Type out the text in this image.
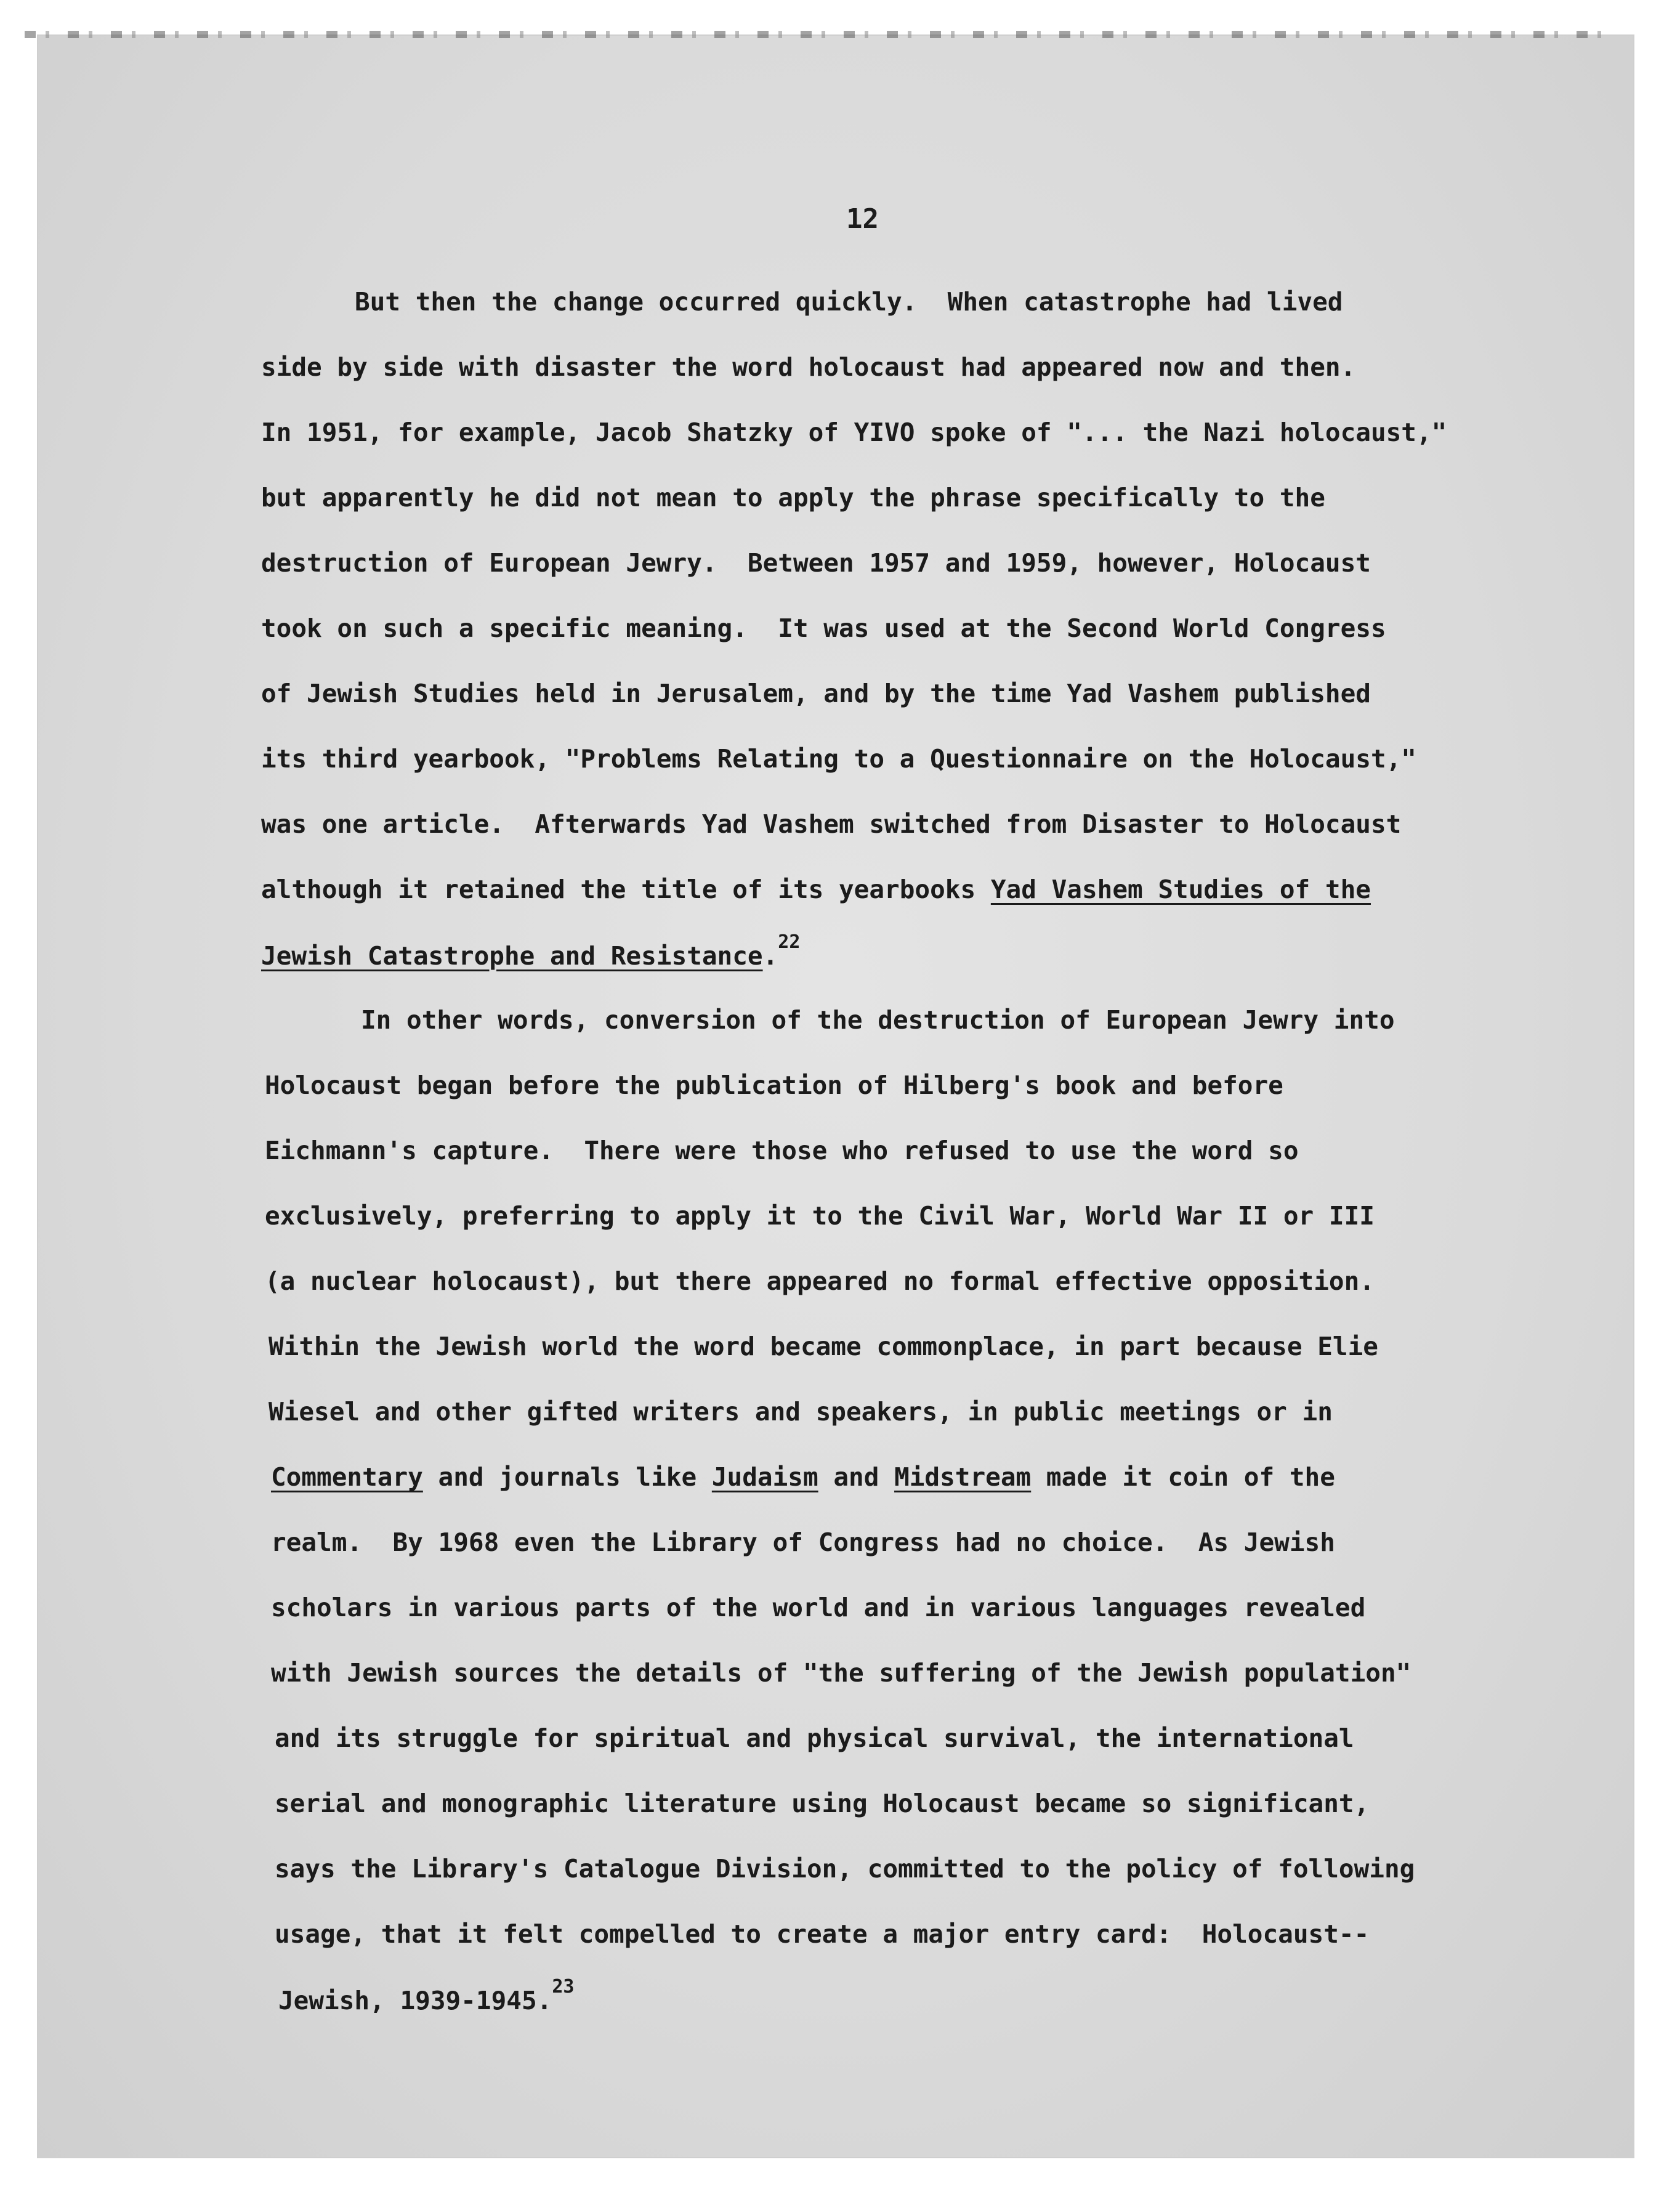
12

But then the change occurred quickly.  When catastrophe had lived

side by side with disaster the word holocaust had appeared now and then.

In 1951, for example, Jacob Shatzky of YIVO spoke of "... the Nazi holocaust,"

but apparently he did not mean to apply the phrase specifically to the

destruction of European Jewry.  Between 1957 and 1959, however, Holocaust

took on such a specific meaning.  It was used at the Second World Congress

of Jewish Studies held in Jerusalem, and by the time Yad Vashem published

its third yearbook, "Problems Relating to a Questionnaire on the Holocaust,"

was one article.  Afterwards Yad Vashem switched from Disaster to Holocaust

although it retained the title of its yearbooks Yad Vashem Studies of the

Jewish Catastrophe and Resistance.$^{22}$

In other words, conversion of the destruction of European Jewry into

Holocaust began before the publication of Hilberg's book and before

Eichmann's capture.  There were those who refused to use the word so

exclusively, preferring to apply it to the Civil War, World War II or III

(a nuclear holocaust), but there appeared no formal effective opposition.

Within the Jewish world the word became commonplace, in part because Elie

Wiesel and other gifted writers and speakers, in public meetings or in

Commentary and journals like Judaism and Midstream made it coin of the

realm.  By 1968 even the Library of Congress had no choice.  As Jewish

scholars in various parts of the world and in various languages revealed

with Jewish sources the details of "the suffering of the Jewish population"

and its struggle for spiritual and physical survival, the international

serial and monographic literature using Holocaust became so significant,

says the Library's Catalogue Division, committed to the policy of following

usage, that it felt compelled to create a major entry card:  Holocaust--

Jewish, 1939-1945.23
